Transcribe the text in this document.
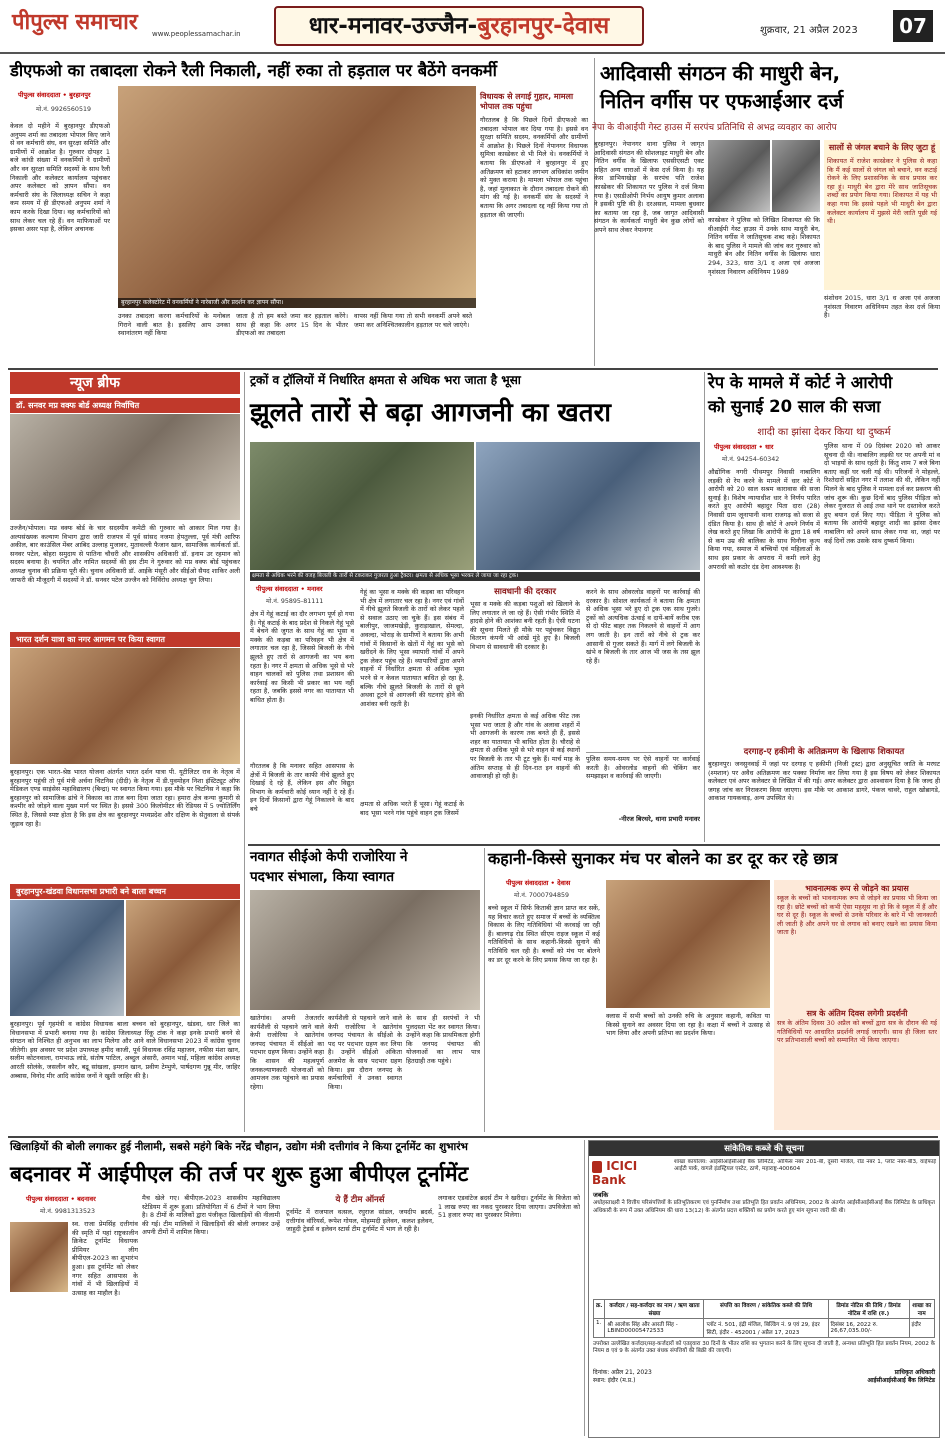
पीपुल्स समाचार www.peoplessamachar.in	धार-मनावर-उज्जैन-बुरहानपुर-देवास	शुक्रवार, 21 अप्रैल 2023	07
डीएफओ का तबादला रोकने रैली निकाली, नहीं रुका तो हड़ताल पर बैठेंगे वनकर्मी
पीपुल्स संवाददाता • बुरहानपुर
मो.नं. 9926560519
केवल दो महीने में बुरहानपुर डीएफओ अनुपम शर्मा का तबादला भोपाल किए जाने से वन कर्मचारी संघ, वन सुरक्षा समिति और ग्रामीणों में आक्रोश है। गुरुवार दोपहर 1 बजे कांधी संख्या में वनकर्मियों ने ग्रामीणों और वन सुरक्षा समिति सदस्यों के साथ रैली निकाली और कलेक्टर कार्यालय पहुंचकर अपर कलेक्टर को ज्ञापन सौंपा। वन कर्मचारी संघ के जिलाध्यक्ष सचिन ने कहा कम समय में ही डीएफओ अनुपम शर्मा ने काम करके दिखा दिया। वह कर्मचारियों को साथ लेकर चल रहे हैं। वन माफियाओं पर इसका असर पड़ा है, लेकिन अचानक
बुरहानपुर कलेक्टोरेट में वनकर्मियों ने नारेबाजी और प्रदर्शन कर ज्ञापन सौंपा।
उनका तबादला करना कर्मचारियों के मनोबल गिराने वाली बात है। इसलिए आप उनका स्थानांतरण नहीं किया
जाता है तो हम बस्ते जमा कर हड़ताल करेंगे। साथ ही कहा कि अगर 15 दिन के भीतर डीएफओ का तबादला
वापस नहीं किया गया तो सभी वनकर्मी अपने बस्ते जमा कर अनिश्चितकालीन हड़ताल पर चले जाएंगे।
विधायक से लगाई गुहार, मामला भोपाल तक पहुंचा
गौरतलब है कि पिछले दिनों डीएफओ का तबादला भोपाल कर दिया गया है। इससे वन सुरक्षा समिति सदस्य, वनकर्मियों और ग्रामीणों में आक्रोश है। पिछले दिनों नेपानगर विधायक सुमित्रा कास्डेकर से भी मिले थे। वनकर्मियों ने बताया कि डीएफओ ने बुरहानपुर में हुए अतिक्रमण को हटाकर लगभग अधिकांश जमीन को मुक्त कराया है। मामला भोपाल तक पहुंचा है, जहां मुलाकात के दौरान तबादला रोकने की मांग की गई है। वनकर्मी संघ के सदस्यों ने बताया कि अगर तबादला रद्द नहीं किया गया तो हड़ताल की जाएगी।
आदिवासी संगठन की माधुरी बेन,
नितिन वर्गीस पर एफआईआर दर्ज
नेपा के वीआईपी गेस्ट हाउस में सरपंच प्रतिनिधि से अभद्र व्यवहार का आरोप
बुरहानपुर। नेपानगर थाना पुलिस ने जागृत आदिवासी संगठन की सोशलाइट माधुरी बेन और नितिन वर्गीस के खिलाफ एससीएसटी एक्ट सहित अन्य धाराओं में केस दर्ज किया है। यह केस डाभियाखेड़ा के सरपंच पति राजेश कास्डेकर की शिकायत पर पुलिस ने दर्ज किया गया है। एसडीओपी निर्भय आयुष कुमार अलावा ने इसकी पुष्टि की है। दरअसल, मामला बुधवार का बताया जा रहा है, जब जागृत आदिवासी संगठन के कार्यकर्ता माधुरी बेन कुछ लोगों को अपने साथ लेकर नेपानगर
कास्डेकर ने पुलिस को लिखित शिकायत की कि वीआईपी गेस्ट हाउस में उनके साथ माधुरी बेन, नितिन वर्गीस ने जातिसूचक शब्द कहे। शिकायत के बाद पुलिस ने मामले की जांच कर गुरुवार को माधुरी बेन और नितिन वर्गीस के खिलाफ धारा 294, 323, धारा 3/1 द अजा एवं अजजा नृशंसता निवारण अधिनियम 1989
सालों से जंगल बचाने के लिए जुटा हूं
शिकायत में राजेश कास्डेकर ने पुलिस से कहा कि मैं कई सालों से जंगल को बचाने, वन कटाई रोकने के लिए प्रशासनिक के साथ प्रयास कर रहा हूं। माधुरी बेन द्वारा मेरे साथ जातिसूचक शब्दों का प्रयोग किया गया। शिकायत में यह भी कहा गया कि इससे पहले भी माधुरी बेन द्वारा कलेक्टर कार्यालय में मुझसे मेरी जाति पूछी गई थी।
संशोधन 2015, धारा 3/1 ध अजा एवं अजजा नृशंसता निवारण अधिनियम तहत केस दर्ज किया है।
न्यूज ब्रीफ
डॉ. सनवर मप्र वक्फ बोर्ड अध्यक्ष निर्वाचित
उज्जैन/भोपाल। मप्र वक्फ बोर्ड के चार सदस्यीय कमेटी की गुरुवार को आकार मिल गया है। अल्पसंख्यक कल्याण विभाग द्वारा जारी राजपत्र में पूर्व सांसद नजमा हेपतुल्ला, पूर्व मंत्री आरिफ अकील, बार काउंसिल मेंबर आबिद उल्लाह मुजावर, मुतावल्ली फैजान खान, सामाजिक कार्यकर्ता डॉ. सनवर पटेल, बोहरा समुदाय से पातिना चौधरी और शासकीय अधिकारी डॉ. इनाम उर रहमान को सदस्य बनाया है। चयनित और नामित सदस्यों की इस टीम ने गुरुवार को मप्र वक्फ बोर्ड पहुंचकर अध्यक्ष चुनाव की प्रक्रिया पूरी की। चुनाव अधिकारी डॉ. आईके मंसूरी और सीईओ सैयद शाकिर अली जाफरी की मौजूदगी में सदस्यों ने डॉ. सनवर पटेल उज्जैन को निर्विरोध अध्यक्ष चुन लिया।
भारत दर्शन यात्रा का नगर आगमन पर किया स्वागत
बुरहानपुर। एक भारत-श्रेष्ठ भारत योजना अंतर्गत भारत दर्शन यात्रा पी. यूटीलिटर राव के नेतृत्व में बुरहानपुर पहुंची तो पूर्व मंत्री अर्चना चिटनिस (दीदी) के नेतृत्व में डी.युवमोहन निशा इंस्टिट्यूट ऑफ मेडिकल एण्ड साइंसेस महाविद्यालय (बिन्द्रा) पर स्वागत किया गया। इस मौके पर चिटनिस ने कहा कि बुरहानपुर को सामाजिक ढांचे ने विकास का ताज बना दिया जाता रहा। हमारा क्षेत्र कन्या कुमारी से कश्मीर को जोड़ने वाला मुख्य मार्ग पर स्थित है। इससे 300 किलोमीटर की रेडियस में 5 ज्योतिर्लिंग स्थित है, जिससे स्पष्ट होता है कि इस क्षेत्र का बुरहानपुर मध्यप्रदेश और दक्षिण के सेतुवाला से संपर्क जुड़ाव रहा है।
बुरहानपुर-खंडवा विधानसभा प्रभारी बने बाला बच्चन
बुरहानपुर। पूर्व गृहमंत्री व कांग्रेस विधायक बाला बच्चन को बुरहानपुर, खंडवा, धार जिले का विधानसभा में प्रभारी बनाया गया है। कांग्रेस जिलाध्यक्ष रिंकू टांक ने कहा इनके प्रभारी बनने से संगठन को निश्चित ही अनुभव का लाभ मिलेगा और आने वाले विधानसभा 2023 में कांग्रेस चुनाव जीतेगी। इस अवसर पर प्रदेश उपाध्यक्ष हमीद काजी, पूर्व विधायक रविंद्र महाजन, नफीस मंशा खान, सलीम कोटनवाला, रामभाऊ लांडे, संतोष पाटिल, अब्दुल अंसारी, अमान भाई, महिला कांग्रेस अध्यक्ष आरती सोलंके, जसलीन कौर, बद्रू सांखला, इमरान खान, प्रवीण टेम्भुणे, पार्षदगण गुन्नू मीर, जाहिर अब्बास, विनोद मीर आदि कांग्रेस जनों ने खुशी जाहिर की है।
ट्रकों व ट्रॉलियों में निर्धारित क्षमता से अधिक भरा जाता है भूसा
झूलते तारों से बढ़ा आगजनी का खतरा
क्षमता से अधिक भरने की वजह बिजली के तारों से टकराकर गुजरता हुआ ट्रैक्टर। क्षमता से अधिक भूसा भरकर ले जाया जा रहा ट्रक।
पीपुल्स संवाददाता • मनावर
मो.नं. 95895-81111
क्षेत्र में गेहूं कटाई का दौर लगभग पूर्ण हो गया है। गेहूं कटाई के बाद प्रदेश से निकले गेहूं भूसे में बेचने की जुगत के साथ गेहूं का भूसा व मक्के की कड़बा का परिवहन भी क्षेत्र में लगातार चल रहा है, जिससे बिजली के नीचे झूलते हुए तारों से आगजनी का भय बना रहता है। नगर में क्षमता से अधिक भूसे से भरे वाहन चालकों को पुलिस तथा प्रशासन की कार्रवाई का किसी भी प्रकार का भय नहीं रहता है, जबकि इससे नगर का यातायात भी बाधित होता है।
गौरतलब है कि मनावर सहित आसपास के क्षेत्रों में बिजली के तार काफी नीचे झूलते हुए दिखाई दे रहे हैं, लेकिन इस और विद्युत विभाग के कर्मचारी कोई ध्यान नहीं दे रहे हैं। इन दिनों किसानों द्वारा गेहूं निकालने के बाद बचे
गेहूं का भूसा व मक्के की कड़बा का परिवहन भी क्षेत्र में लगातार चल रहा है। नगर एवं गांवों में नीचे झूलते बिजली के तारों को लेकर पहले से सवाल उठाए जा चुके हैं। इस संबंध में बालीपुर, जाजमखेड़ी, कुराड़ाखाल, सेमल्दा, अवल्दा, भोराड़ के ग्रामीणों ने बताया कि अभी गांवों में किसानों के खेतों में गेहूं का भूसे को खरीदने के लिए भूसा व्यापारी गांवों में अपने ट्रक लेकर पहुंच रहे हैं। व्यापारियों द्वारा अपने वाहनों में निर्धारित क्षमता से अधिक भूसा भरने से न केवल यातायात बाधित हो रहा है, बल्कि नीचे झूलते बिजली के तारों से छूने अथवा टूटने से आगजनी की घटनाएं होने की आशंका बनी रहती है।
क्षमता से अधिक भरते हैं भूसा। गेहूं कटाई के बाद भूसा भरने गांव पहुंचे वाहन ट्रक जिसमें
सावधानी की दरकार
भूसा व मक्के की कड़बा पशुओं को खिलाने के लिए लगातार ले जा रहे हैं। ऐसी गंभीर स्थिति में हादसे होने की आशंका बनी रहती है। ऐसी घटना की सूचना मिलते ही मौके पर पहुंचकर विद्युत वितरण कंपनी भी आंखें मूंदे हुए है। बिजली विभाग से सावधानी की दरकार है।
इनकी निर्धारित क्षमता से कई अधिक फीट तक भूसा भरा जाता है और गांव के अलावा शहरों में भी आगजनी के कारण तक बनते ही हैं, इससे शहर का यातायात भी बाधित होता है। चौराहे से क्षमता से अधिक भूसे से भरे वाहन से कई स्थानों पर बिजली के तार भी टूट चुके हैं। मार्च माह के अंतिम सप्ताह से ही दिन-रात इन वाहनों की आवाजाही हो रही है।
करने के साथ ओवरलोड वाहनों पर कार्रवाई की दरकार है। सोशल कार्यकर्ता ने बताया कि क्षमता से अधिक भूसा भरे हुए दो ट्रक एक साथ गुजरे। ट्रकों को अत्यधिक ऊंचाई व दायें-बायें करीब एक से दो फीट बाहर तक निकलने से वाहनों में आग लग जाती है। इन तारों को नीचे से ट्रक कर आसानी से गुजर सकते हैं। मार्ग में लगे बिजली के खंभे व बिजली के तार आज भी जस के तस झूल रहे हैं।
पुलिस समय-समय पर ऐसे वाहनों पर कार्रवाई करती है। ओवरलोड वाहनों की चेकिंग कर समझाइश व कार्रवाई की जाएगी।
-नीरज बिरथरे, थाना प्रभारी मनावर
रेप के मामले में कोर्ट ने आरोपी
को सुनाई 20 साल की सजा
शादी का झांसा देकर किया था दुष्कर्म
पीपुल्स संवाददाता • धार
मो.नं. 94254-60342
औद्योगिक नगरी पीथमपुर निवासी नाबालिग लड़की से रेप करने के मामले में धार कोर्ट ने आरोपी को 20 साल सश्रम कारावास की सजा सुनाई है। विशेष न्यायाधीश धार ने निर्णय पारित करते हुए आरोपी बहादुर पिता दारा (28) निवासी ग्राम जूनापानी थाना राजगढ़ को सजा से दंडित किया है। साथ ही कोर्ट ने अपने निर्णय में लेख करते हुए लिखा कि आरोपी के द्वारा 18 वर्ष से कम उम्र की बालिका के साथ घिनौना कृत्य किया गया, समाज में बच्चियों एवं महिलाओं के साथ इस प्रकार के अपराध में कमी लाने हेतु अपराधी को कठोर दंड देना आवश्यक है।
पुलिस थाना में 09 दिसंबर 2020 को आकर सूचना दी थी। नाबालिग लड़की घर पर अपनी मां व दो भाइयों के साथ रहती है। किंतु शाम 7 बजे बिना बताए कहीं घर चली गई थी। परिजनों ने मोहल्ले, रिश्तेदारों सहित नगर में तलाश की थी, लेकिन नहीं मिलने के बाद पुलिस ने मामला दर्ज कर प्रकरण की जांच शुरू की। कुछ दिनों बाद पुलिस पीड़िता को लेकर गुजरात से आई तथा थाने पर दस्तावेज करते हुए बयान दर्ज किए गए। पीड़िता ने पुलिस को बताया कि आरोपी बहादुर शादी का झांसा देकर नाबालिग को अपने साथ लेकर गया था, जहां पर कई दिनों तक उसके साथ दुष्कर्म किया।
दरगाह-ए हकीमी के अतिक्रमण के खिलाफ शिकायत
बुरहानपुर। जनसुनवाई में जहां पर दरगाह ए हकीमी (निजी ट्रस्ट) द्वारा अनुसूचित जाति के मरघट (श्मशान) पर अवैध अतिक्रमण कर पक्का निर्माण कर लिया गया है इस विषय को लेकर शिकायत कलेक्टर एवं अपर कलेक्टर से लिखित में की गई। अपर कलेक्टर द्वारा आश्वासन दिया है कि जल्द ही जगह जांच कर निराकरण किया जाएगा। इस मौके पर आकाश डागरे, पंकज चावरे, राहुल खोब्रागडे, आकाश गायकवाड़, अन्य उपस्थित थे।
नवागत सीईओ केपी राजोरिया ने
पदभार संभाला, किया स्वागत
खातेगांव। अपनी तेजतर्रार कार्यशैली से पहचाने जाने वाले केपी राजोरिया ने खातेगांव जनपद पंचायत में सीईओ का पदभार ग्रहण किया। उन्होंने कहा कि शासन की महत्वपूर्ण जनकल्याणकारी योजनाओं को आमजन तक पहुंचाने का प्रयास रहेगा।
कार्यशैली से पहचाने जाने वाले केपी राजोरिया ने खातेगांव जनपद पंचायत के सीईओ के पद पर पदभार ग्रहण कर लिया है। उन्होंने सीईओ अंकिता अजमेरा के साथ पदभार ग्रहण किया। इस दौरान जनपद के कर्मचारियों ने उनका स्वागत किया।
के साथ ही सरपंचों ने भी पुलदस्ता भेंट कर स्वागत किया। उन्होंने कहा कि प्राथमिकता होगी कि जनपद पंचायत की योजनाओं का लाभ पात्र हितग्राही तक पहुंचे।
कहानी-किस्से सुनाकर मंच पर बोलने का डर दूर कर रहे छात्र
पीपुल्स संवाददाता • देवास
मो.नं. 7000794859
बच्चे स्कूल में सिर्फ किताबी ज्ञान प्राप्त कर सकें, यह विचार करते हुए समाज में बच्चों के व्यक्तित्व विकास के लिए गतिविधियां भी करवाई जा रही हैं। बालगढ़ रोड स्थित सीएम राइज स्कूल में कई गतिविधियों के साथ कहानी-किस्से सुनाने की गतिविधि चल रही है। बच्चों को मंच पर बोलने का डर दूर करने के लिए प्रयास किया जा रहा है।
क्लास में सभी बच्चों को उनकी रुचि के अनुसार कहानी, कविता या किस्से सुनाने का अवसर दिया जा रहा है। कक्षा में बच्चों ने उत्साह से भाग लिया और अपनी प्रतिभा का प्रदर्शन किया।
भावनात्मक रूप से जोड़ने का प्रयास
स्कूल के बच्चों को भावनात्मक रूप से जोड़ने का प्रयास भी किया जा रहा है। छोटे बच्चों को कभी ऐसा महसूस ना हो कि वे स्कूल में हैं और घर से दूर हैं। स्कूल के बच्चों से उनके परिवार के बारे में भी जानकारी ली जाती है और अपने घर से लगाव को बनाए रखने का प्रयास किया जाता है।
सत्र के अंतिम दिवस लगेगी प्रदर्शनी
सत्र के अंतिम दिवस 30 अप्रैल को बच्चों द्वारा सत्र के दौरान की गई गतिविधियों पर आधारित प्रदर्शनी लगाई जाएगी। साथ ही जिला स्तर पर प्रतिभाशाली बच्चों को सम्मानित भी किया जाएगा।
खिलाड़ियों की बोली लगाकर हुई नीलामी, सबसे महंगे बिके नरेंद्र चौहान, उद्योग मंत्री दत्तीगांव ने किया टूर्नामेंट का शुभारंभ
बदनावर में आईपीएल की तर्ज पर शुरू हुआ बीपीएल टूर्नामेंट
पीपुल्स संवाददाता • बदनावर
मो.नं. 9981313523
स्व. राजा प्रेमसिंह दत्तीगांव की स्मृति में यहां राष्ट्रकालीन क्रिकेट टूर्नामेंट विधायक प्रीमियर लीग बीपीएल-2023 का शुभारंभ हुआ। इस टूर्नामेंट को लेकर नगर सहित आसपास के गांवों में भी खिलाड़ियों में उत्साह का माहौल है।
मैच खेले गए। बीपीएल-2023 शासकीय महाविद्यालय स्टेडियम में शुरू हुआ। प्रतियोगिता में 6 टीमों ने भाग लिया है। 8 टीमों के मालिकों द्वारा पंजीकृत खिलाड़ियों की नीलामी की गई। टीम मालिकों ने खिलाड़ियों की बोली लगाकर उन्हें अपनी टीमों में शामिल किया।
ये हैं टीम ऑनर्स
टूर्नामेंट में राजपाल वत्सल, रघुराज सांडल, जयदीप ब्रदर्स, दत्तीगांव वॉरियर्स, रूपेश गोयल, मोहम्मदी इलेवन, कलश इलेवन, जाहुदी ट्रेडर्स व इलेवन स्टार्स टीम टूर्नामेंट में भाग ले रही है।
लगाकर एडवांटेज ब्रदर्स टीम ने खरीदा। टूर्नामेंट के विजेता को 1 लाख रुपए का नकद पुरस्कार दिया जाएगा। उपविजेता को 51 हजार रुपए का पुरस्कार मिलेगा।
सांकेतिक कब्जे की सूचना
ICICI Bank
शाखा कार्यालय: आईसीआईसीआई बैंक लिमिटेड, ऑफिस नंबर 201-बी, दूसरी मंजिल, रोड नंबर 1, प्लॉट नंबर-बी3, वाईफाई आईटी पार्क, वागले इंडस्ट्रियल एस्टेट, ठाणे, महाराष्ट्र-400604
जबकि
अधोहस्ताक्षरी ने वित्तीय परिसंपत्तियों के प्रतिभूतिकरण एवं पुनर्निर्माण तथा प्रतिभूति हित प्रवर्तन अधिनियम, 2002 के अंतर्गत आईसीआईसीआई बैंक लिमिटेड के प्राधिकृत अधिकारी के रूप में उक्त अधिनियम की धारा 13(12) के अंतर्गत प्रदत्त शक्तियों का प्रयोग करते हुए मांग सूचना जारी की थी।
क्र.	कर्जदार / सह-कर्जदार का नाम / ऋण खाता संख्या	संपत्ति का विवरण / सांकेतिक कब्जे की तिथि	डिमांड नोटिस की तिथि / डिमांड नोटिस में राशि (रु.)	शाखा का नाम
1.	श्री आलोक सिंह और आरती सिंह - LBIND00005472533	प्लॉट नं. 501, इंद्री मंजिल, बिल्डिंग नं. 9 एवं 29, इंदर सिटी, इंदौर - 452001 / अप्रैल 17, 2023	दिसंबर 16, 2022 रु. 26,67,035.00/-	इंदौर
उपरोक्त उल्लेखित कर्जदार/सह-कर्जदारों को एतद्द्वारा 30 दिनों के भीतर राशि का भुगतान करने के लिए सूचना दी जाती है, अन्यथा प्रतिभूति हित प्रवर्तन नियम, 2002 के नियम 8 एवं 9 के अंतर्गत उक्त बंधक संपत्तियों की बिक्री की जाएगी।
दिनांक: अप्रैल 21, 2023
स्थान: इंदौर (म.प्र.)
प्राधिकृत अधिकारी
आईसीआईसीआई बैंक लिमिटेड
